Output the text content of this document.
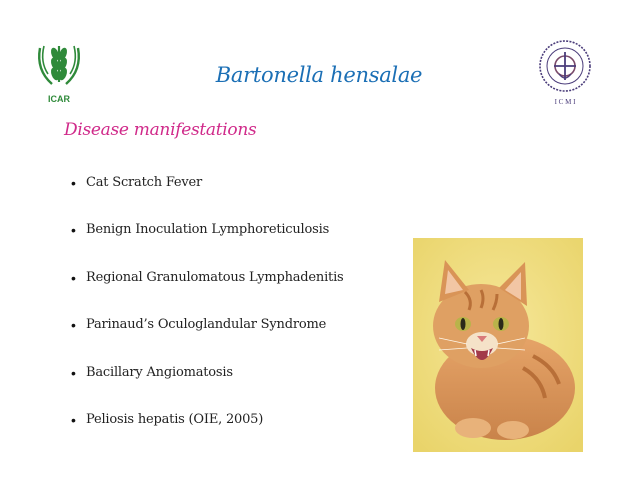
ICAR	I C M I
Bartonella hensalae
Disease manifestations
• Cat Scratch Fever
• Benign Inoculation Lymphoreticulosis
• Regional Granulomatous Lymphadenitis
• Parinaud’s Oculoglandular Syndrome
• Bacillary Angiomatosis
• Peliosis hepatis (OIE, 2005)
